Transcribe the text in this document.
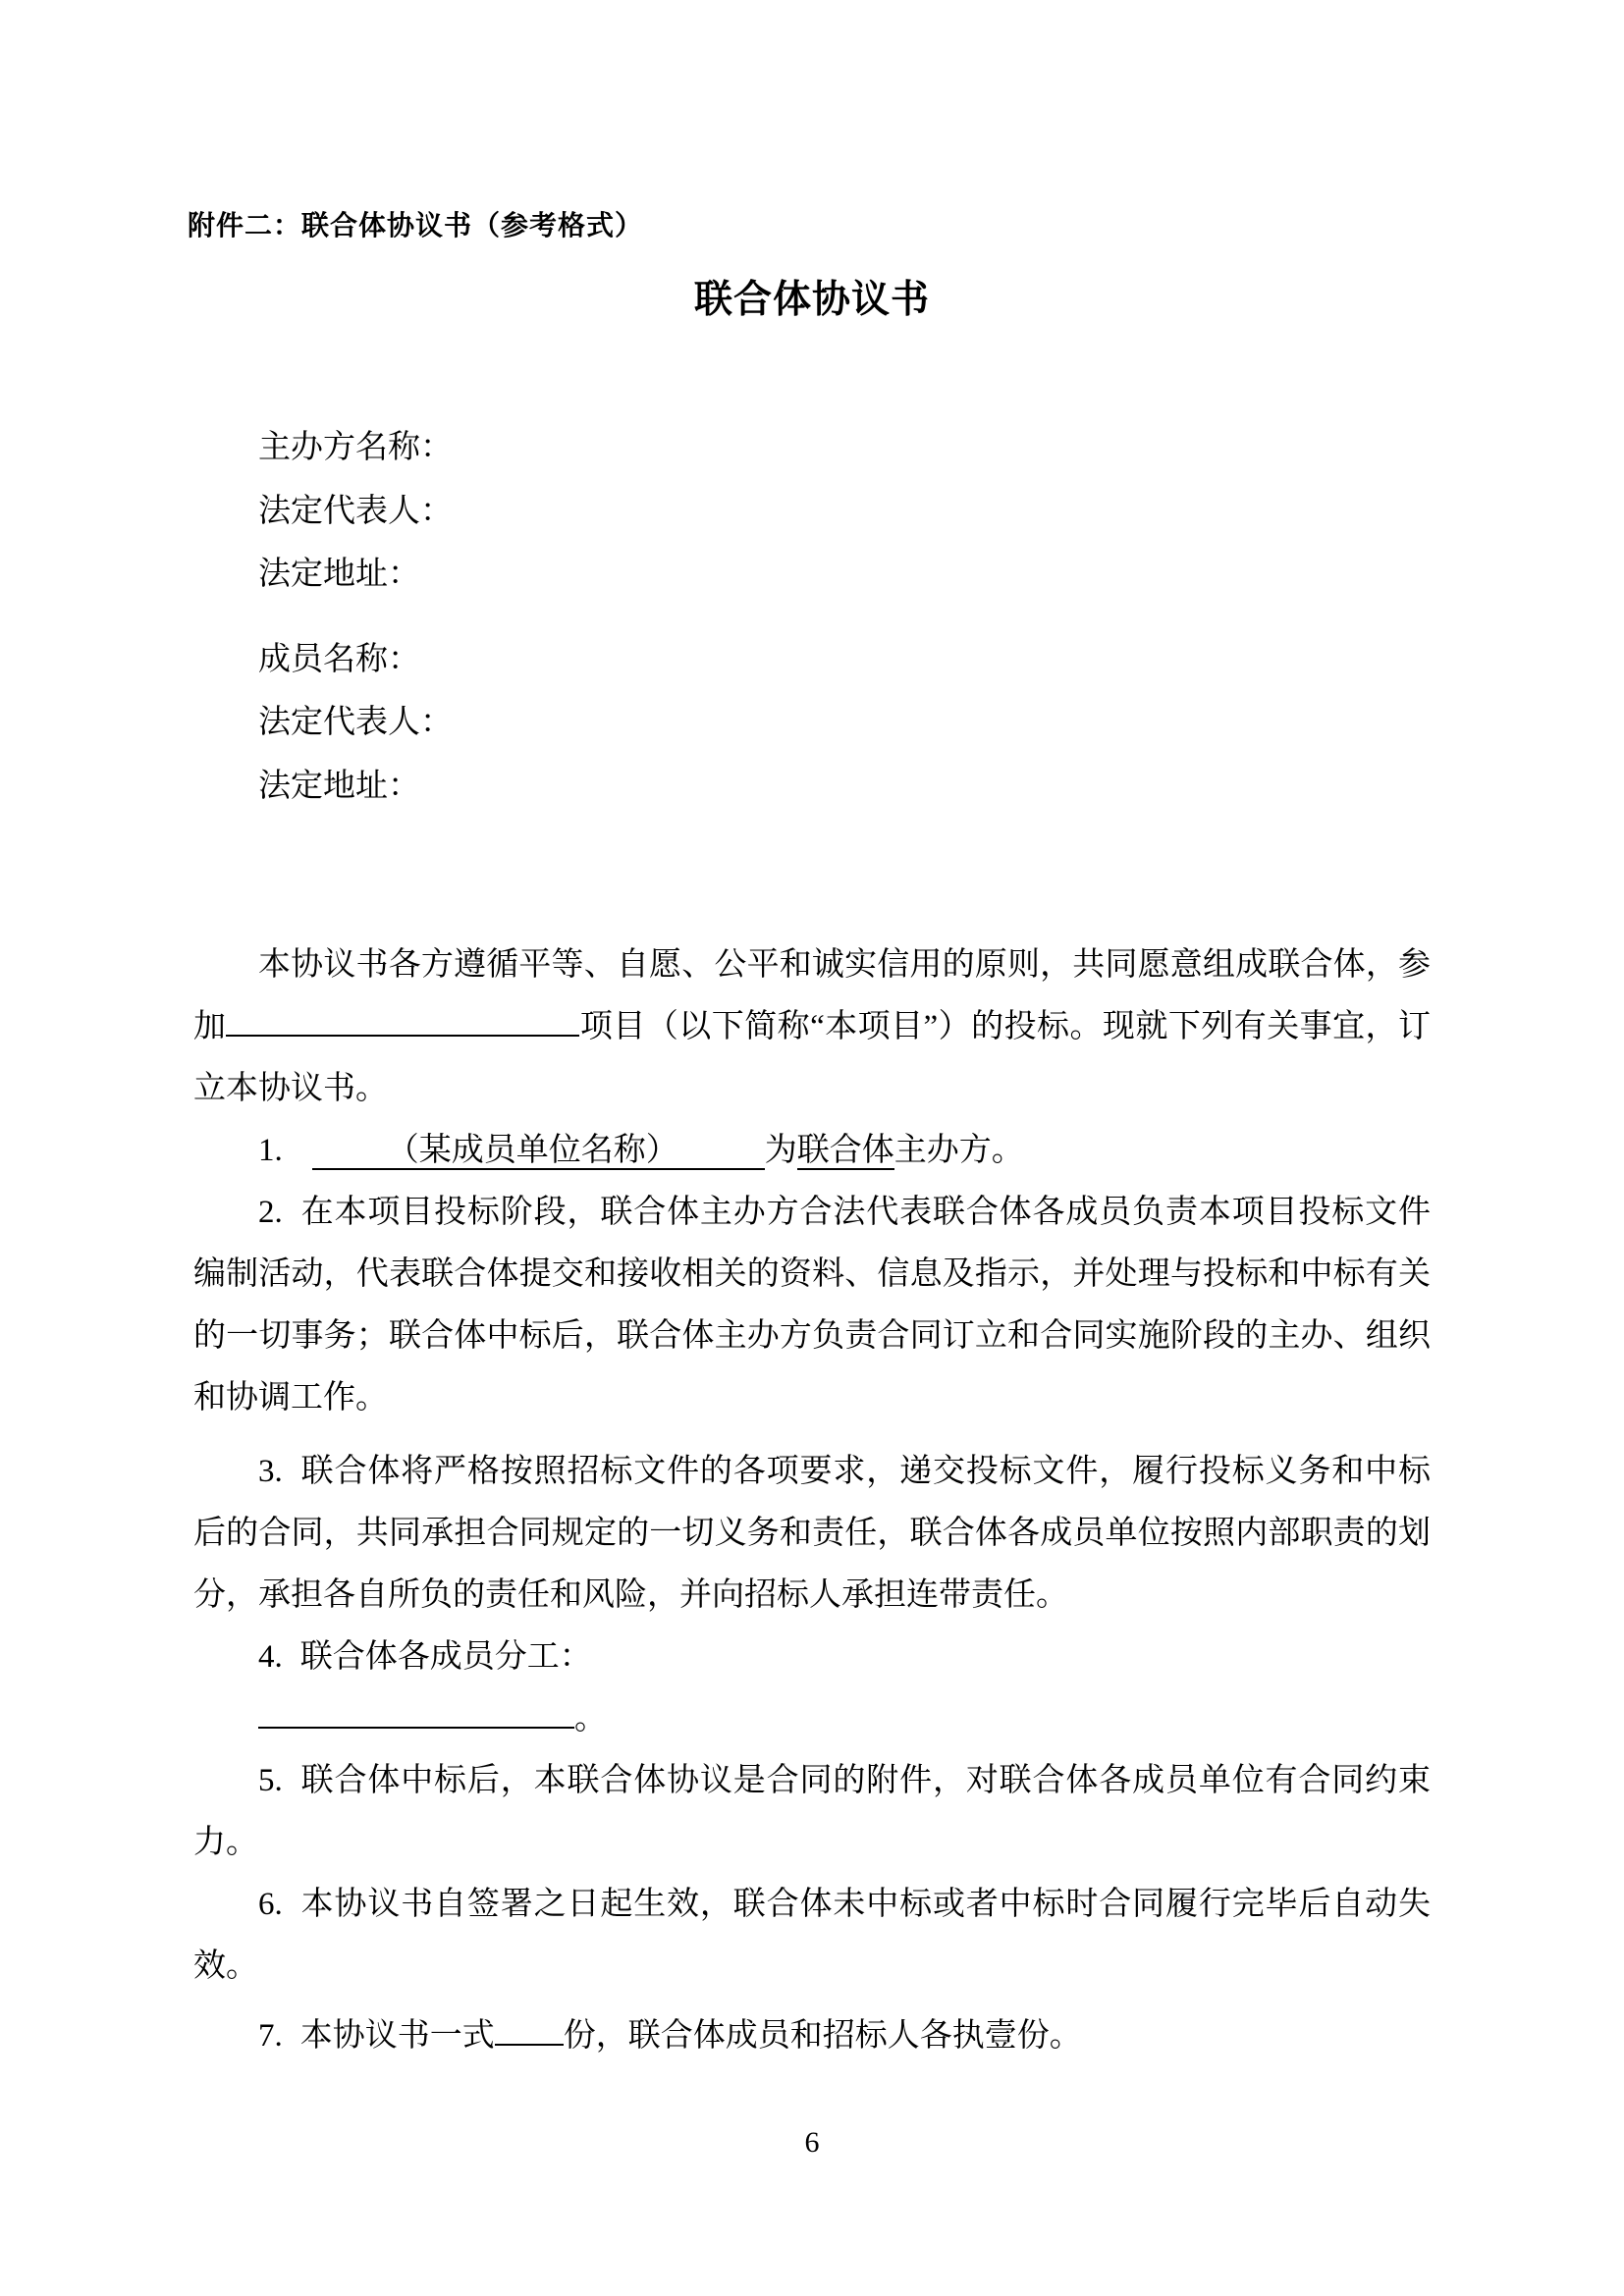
附件二：联合体协议书（参考格式）
联合体协议书
主办方名称：
法定代表人：
法定地址：
成员名称：
法定代表人：
法定地址：

本协议书各方遵循平等、自愿、公平和诚实信用的原则，共同愿意组成联合体，参加	项目（以下简称“本项目”）的投标。现就下列有关事宜，订立本协议书。

1.	（某成员单位名称）	为联合体主办方。

2. 在本项目投标阶段，联合体主办方合法代表联合体各成员负责本项目投标文件编制活动，代表联合体提交和接收相关的资料、信息及指示，并处理与投标和中标有关的一切事务；联合体中标后，联合体主办方负责合同订立和合同实施阶段的主办、组织和协调工作。

3. 联合体将严格按照招标文件的各项要求，递交投标文件，履行投标义务和中标后的合同，共同承担合同规定的一切义务和责任，联合体各成员单位按照内部职责的划分，承担各自所负的责任和风险，并向招标人承担连带责任。

4. 联合体各成员分工：

。

5. 联合体中标后，本联合体协议是合同的附件，对联合体各成员单位有合同约束力。

6. 本协议书自签署之日起生效，联合体未中标或者中标时合同履行完毕后自动失效。

7. 本协议书一式 份，联合体成员和招标人各执壹份。

6
